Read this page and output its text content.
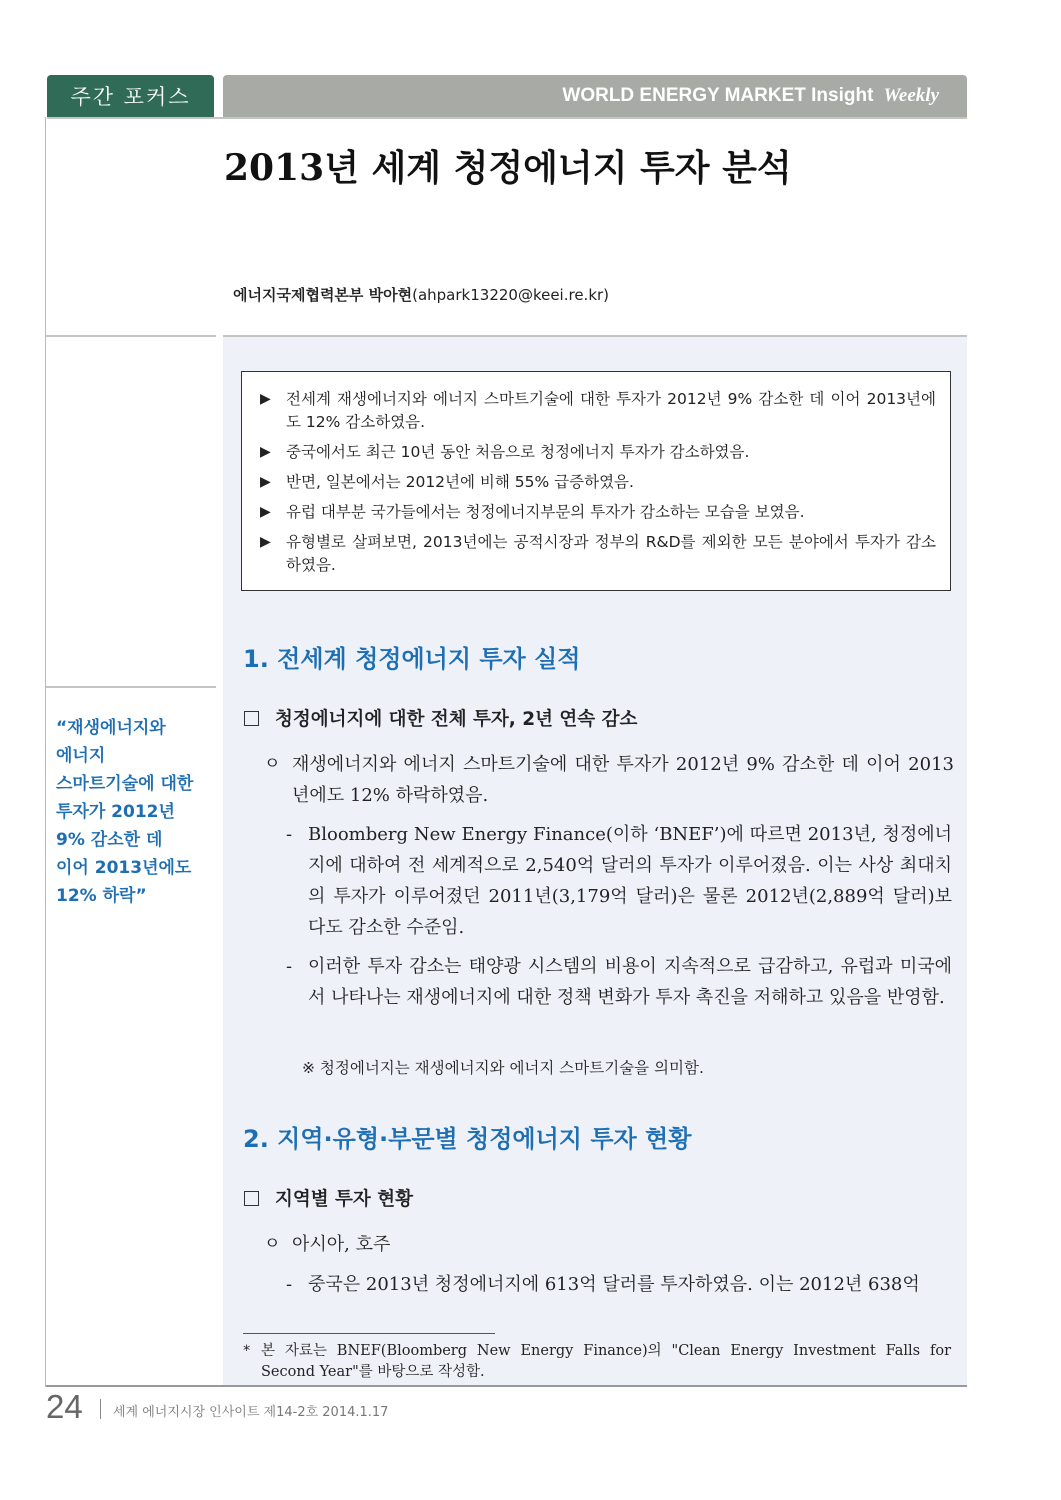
주간 포커스	WORLD ENERGY MARKET Insight Weekly
2013년 세계 청정에너지 투자 분석
에너지국제협력본부 박아현(ahpark13220@keei.re.kr)
“재생에너지와
에너지
스마트기술에 대한
투자가 2012년
9% 감소한 데
이어 2013년에도
12% 하락”
▶ 전세계 재생에너지와 에너지 스마트기술에 대한 투자가 2012년 9% 감소한 데 이어 2013년에도 12% 감소하였음.
▶ 중국에서도 최근 10년 동안 처음으로 청정에너지 투자가 감소하였음.
▶ 반면, 일본에서는 2012년에 비해 55% 급증하였음.
▶ 유럽 대부분 국가들에서는 청정에너지부문의 투자가 감소하는 모습을 보였음.
▶ 유형별로 살펴보면, 2013년에는 공적시장과 정부의 R&D를 제외한 모든 분야에서 투자가 감소하였음.
1. 전세계 청정에너지 투자 실적
청정에너지에 대한 전체 투자, 2년 연속 감소
ㅇ 재생에너지와 에너지 스마트기술에 대한 투자가 2012년 9% 감소한 데 이어 2013년에도 12% 하락하였음.
- Bloomberg New Energy Finance(이하 ‘BNEF’)에 따르면 2013년, 청정에너지에 대하여 전 세계적으로 2,540억 달러의 투자가 이루어졌음. 이는 사상 최대치의 투자가 이루어졌던 2011년(3,179억 달러)은 물론 2012년(2,889억 달러)보다도 감소한 수준임.
- 이러한 투자 감소는 태양광 시스템의 비용이 지속적으로 급감하고, 유럽과 미국에서 나타나는 재생에너지에 대한 정책 변화가 투자 촉진을 저해하고 있음을 반영함.
※ 청정에너지는 재생에너지와 에너지 스마트기술을 의미함.
2. 지역·유형·부문별 청정에너지 투자 현황
지역별 투자 현황
ㅇ 아시아, 호주
- 중국은 2013년 청정에너지에 613억 달러를 투자하였음. 이는 2012년 638억
* 본 자료는 BNEF(Bloomberg New Energy Finance)의 "Clean Energy Investment Falls for Second Year"를 바탕으로 작성함.
24 세계 에너지시장 인사이트 제14-2호 2014.1.17
